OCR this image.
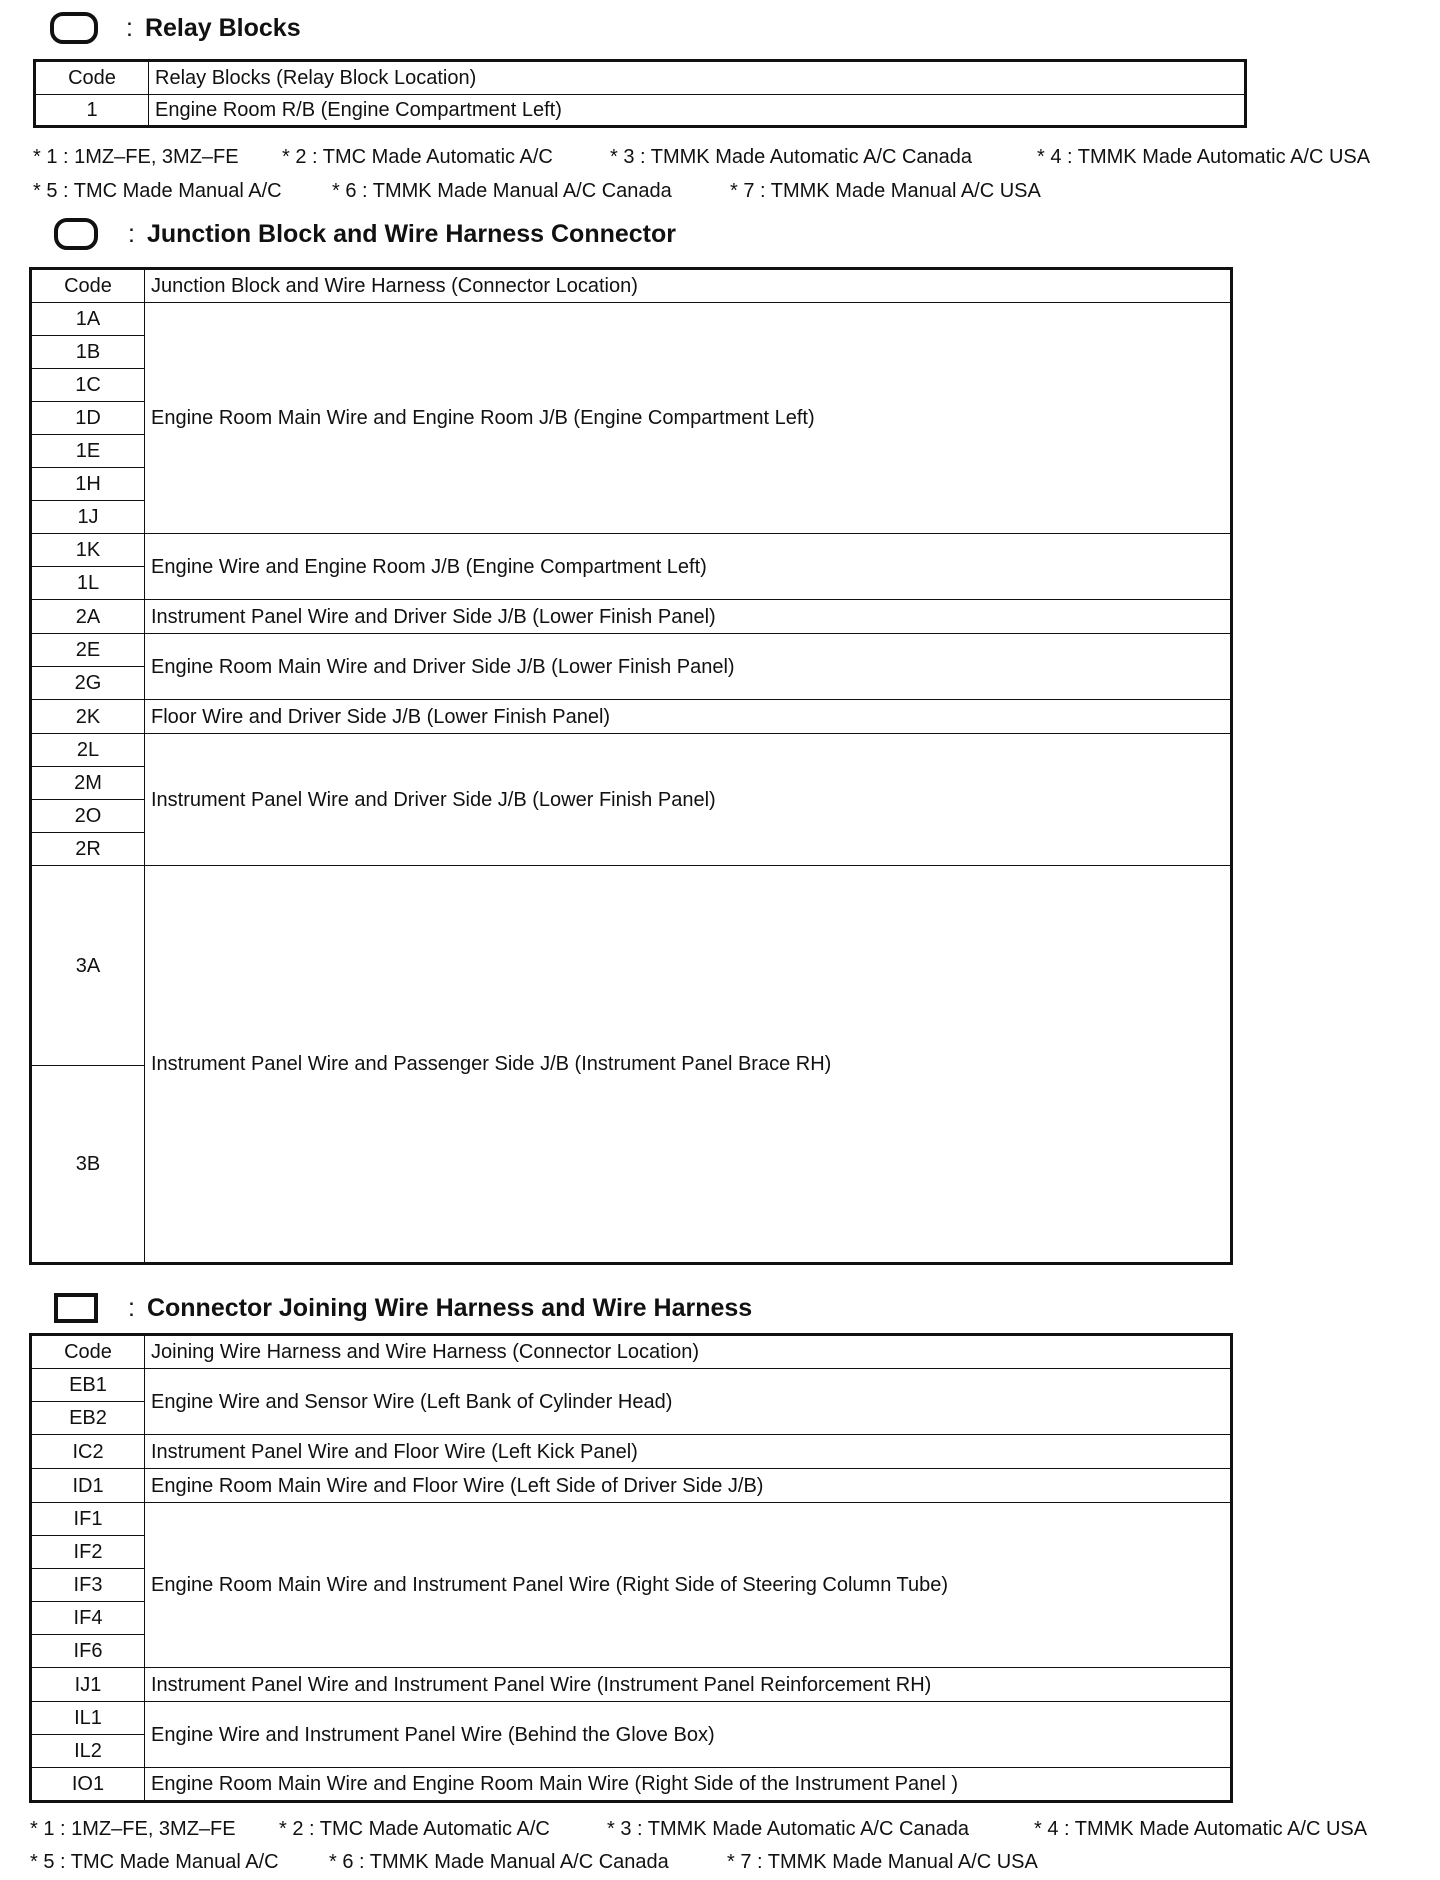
: Relay Blocks
Code	Relay Blocks (Relay Block Location)
1	Engine Room R/B (Engine Compartment Left)
* 1 : 1MZ–FE, 3MZ–FE * 2 : TMC Made Automatic A/C	* 3 : TMMK Made Automatic A/C Canada	* 4 : TMMK Made Automatic A/C USA
* 5 : TMC Made Manual A/C	* 6 : TMMK Made Manual A/C Canada	* 7 : TMMK Made Manual A/C USA
: Junction Block and Wire Harness Connector
Code	Junction Block and Wire Harness (Connector Location)
1A	Engine Room Main Wire and Engine Room J/B (Engine Compartment Left)
1B	
1C	
1D	
1E	
1H	
1J	
1K	Engine Wire and Engine Room J/B (Engine Compartment Left)
1L	
2A	Instrument Panel Wire and Driver Side J/B (Lower Finish Panel)
2E	Engine Room Main Wire and Driver Side J/B (Lower Finish Panel)
2G	
2K	Floor Wire and Driver Side J/B (Lower Finish Panel)
2L	Instrument Panel Wire and Driver Side J/B (Lower Finish Panel)
2M	
2O	
2R	
3A	Instrument Panel Wire and Passenger Side J/B (Instrument Panel Brace RH)
3B	
: Connector Joining Wire Harness and Wire Harness
Code	Joining Wire Harness and Wire Harness (Connector Location)
EB1	Engine Wire and Sensor Wire (Left Bank of Cylinder Head)
EB2	
IC2	Instrument Panel Wire and Floor Wire (Left Kick Panel)
ID1	Engine Room Main Wire and Floor Wire (Left Side of Driver Side J/B)
IF1	Engine Room Main Wire and Instrument Panel Wire (Right Side of Steering Column Tube)
IF2	
IF3	
IF4	
IF6	
IJ1	Instrument Panel Wire and Instrument Panel Wire (Instrument Panel Reinforcement RH)
IL1	Engine Wire and Instrument Panel Wire (Behind the Glove Box)
IL2	
IO1	Engine Room Main Wire and Engine Room Main Wire (Right Side of the Instrument Panel )
* 1 : 1MZ–FE, 3MZ–FE * 2 : TMC Made Automatic A/C	* 3 : TMMK Made Automatic A/C Canada	* 4 : TMMK Made Automatic A/C USA
* 5 : TMC Made Manual A/C	* 6 : TMMK Made Manual A/C Canada	* 7 : TMMK Made Manual A/C USA
